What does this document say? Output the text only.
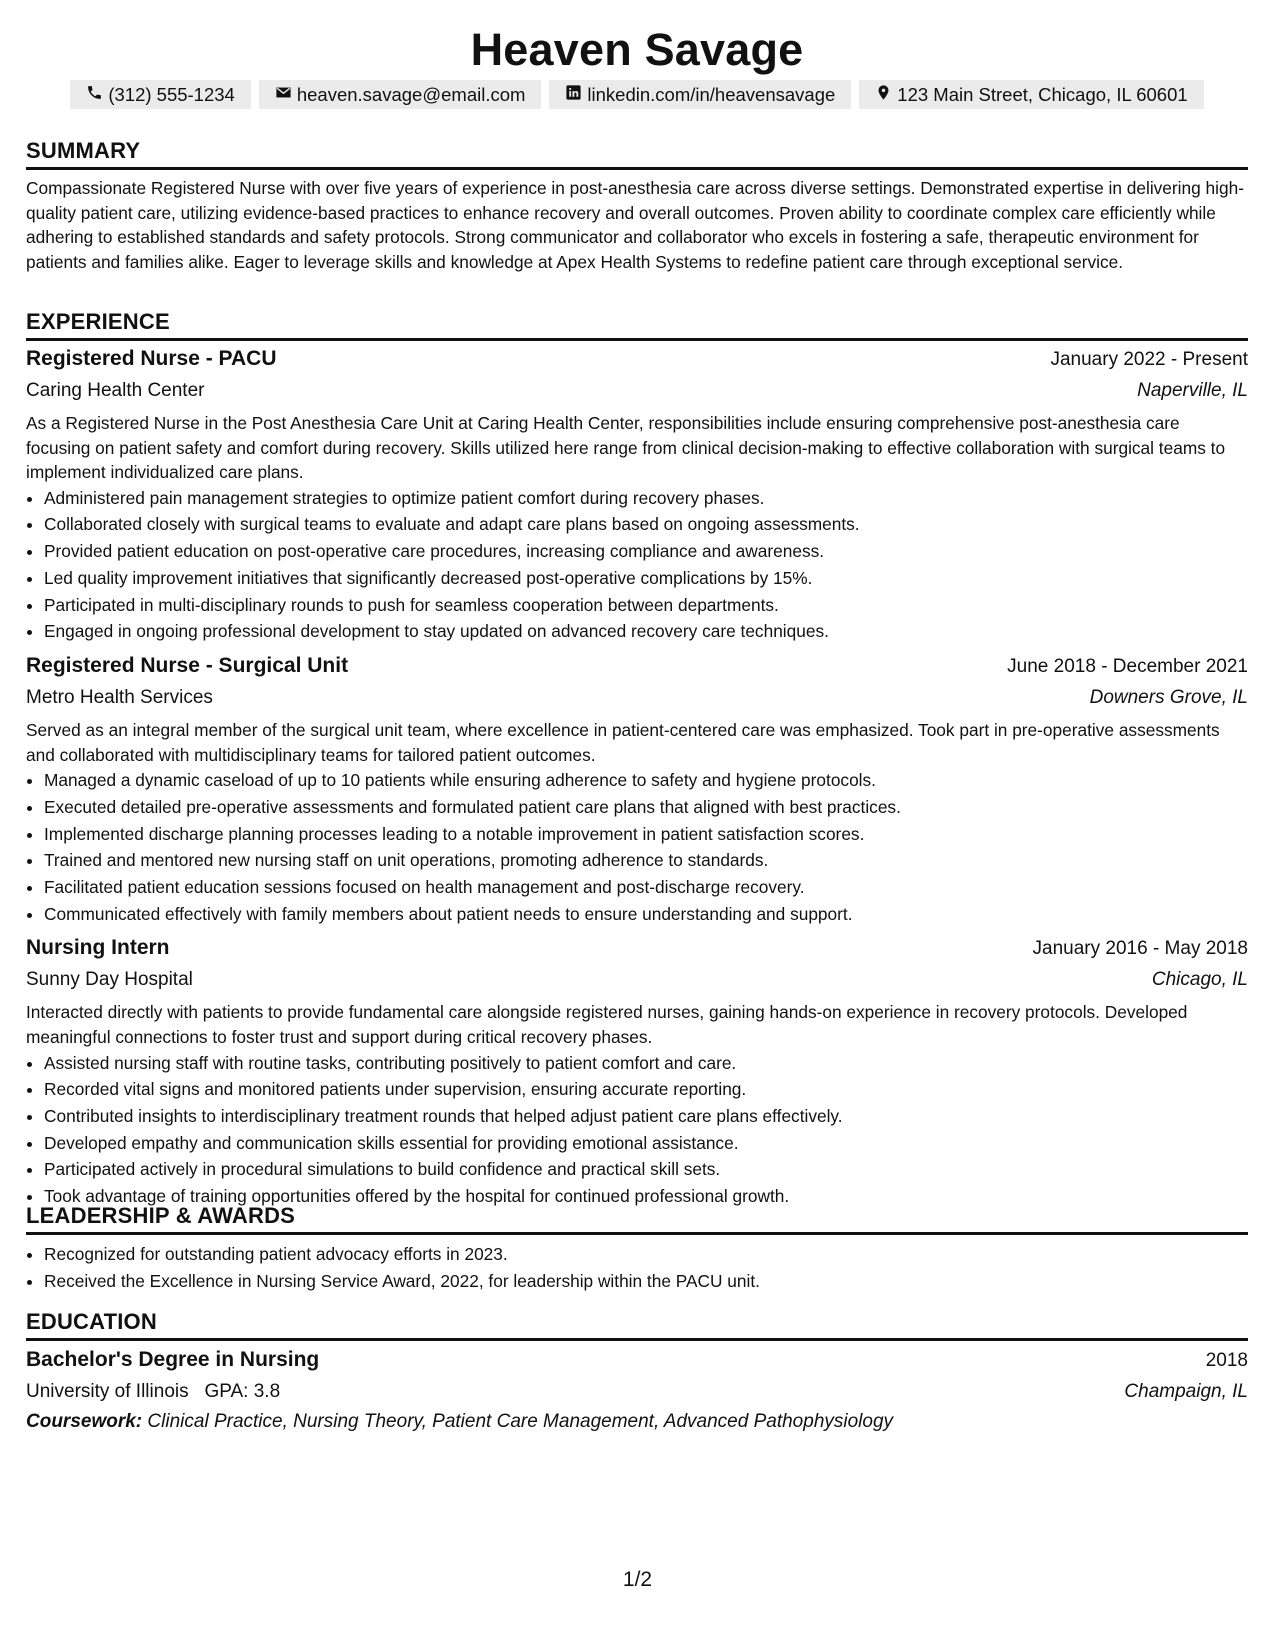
Heaven Savage
(312) 555-1234	heaven.savage@email.com	linkedin.com/in/heavensavage	123 Main Street, Chicago, IL 60601
SUMMARY

Compassionate Registered Nurse with over five years of experience in post-anesthesia care across diverse settings. Demonstrated expertise in delivering high-quality patient care, utilizing evidence-based practices to enhance recovery and overall outcomes. Proven ability to coordinate complex care efficiently while adhering to established standards and safety protocols. Strong communicator and collaborator who excels in fostering a safe, therapeutic environment for patients and families alike. Eager to leverage skills and knowledge at Apex Health Systems to redefine patient care through exceptional service.

EXPERIENCE
Registered Nurse - PACU	January 2022 - Present
Caring Health Center	Naperville, IL

As a Registered Nurse in the Post Anesthesia Care Unit at Caring Health Center, responsibilities include ensuring comprehensive post-anesthesia care focusing on patient safety and comfort during recovery. Skills utilized here range from clinical decision-making to effective collaboration with surgical teams to implement individualized care plans.

• Administered pain management strategies to optimize patient comfort during recovery phases.
• Collaborated closely with surgical teams to evaluate and adapt care plans based on ongoing assessments.
• Provided patient education on post-operative care procedures, increasing compliance and awareness.
• Led quality improvement initiatives that significantly decreased post-operative complications by 15%.
• Participated in multi-disciplinary rounds to push for seamless cooperation between departments.
• Engaged in ongoing professional development to stay updated on advanced recovery care techniques.
Registered Nurse - Surgical Unit	June 2018 - December 2021
Metro Health Services	Downers Grove, IL

Served as an integral member of the surgical unit team, where excellence in patient-centered care was emphasized. Took part in pre-operative assessments and collaborated with multidisciplinary teams for tailored patient outcomes.

• Managed a dynamic caseload of up to 10 patients while ensuring adherence to safety and hygiene protocols.
• Executed detailed pre-operative assessments and formulated patient care plans that aligned with best practices.
• Implemented discharge planning processes leading to a notable improvement in patient satisfaction scores.
• Trained and mentored new nursing staff on unit operations, promoting adherence to standards.
• Facilitated patient education sessions focused on health management and post-discharge recovery.
• Communicated effectively with family members about patient needs to ensure understanding and support.
Nursing Intern	January 2016 - May 2018
Sunny Day Hospital	Chicago, IL

Interacted directly with patients to provide fundamental care alongside registered nurses, gaining hands-on experience in recovery protocols. Developed meaningful connections to foster trust and support during critical recovery phases.

• Assisted nursing staff with routine tasks, contributing positively to patient comfort and care.
• Recorded vital signs and monitored patients under supervision, ensuring accurate reporting.
• Contributed insights to interdisciplinary treatment rounds that helped adjust patient care plans effectively.
• Developed empathy and communication skills essential for providing emotional assistance.
• Participated actively in procedural simulations to build confidence and practical skill sets.
• Took advantage of training opportunities offered by the hospital for continued professional growth.
LEADERSHIP & AWARDS
• Recognized for outstanding patient advocacy efforts in 2023.
• Received the Excellence in Nursing Service Award, 2022, for leadership within the PACU unit.
EDUCATION
Bachelor's Degree in Nursing	2018
University of Illinois GPA: 3.8	Champaign, IL
Coursework: Clinical Practice, Nursing Theory, Patient Care Management, Advanced Pathophysiology
1/2
